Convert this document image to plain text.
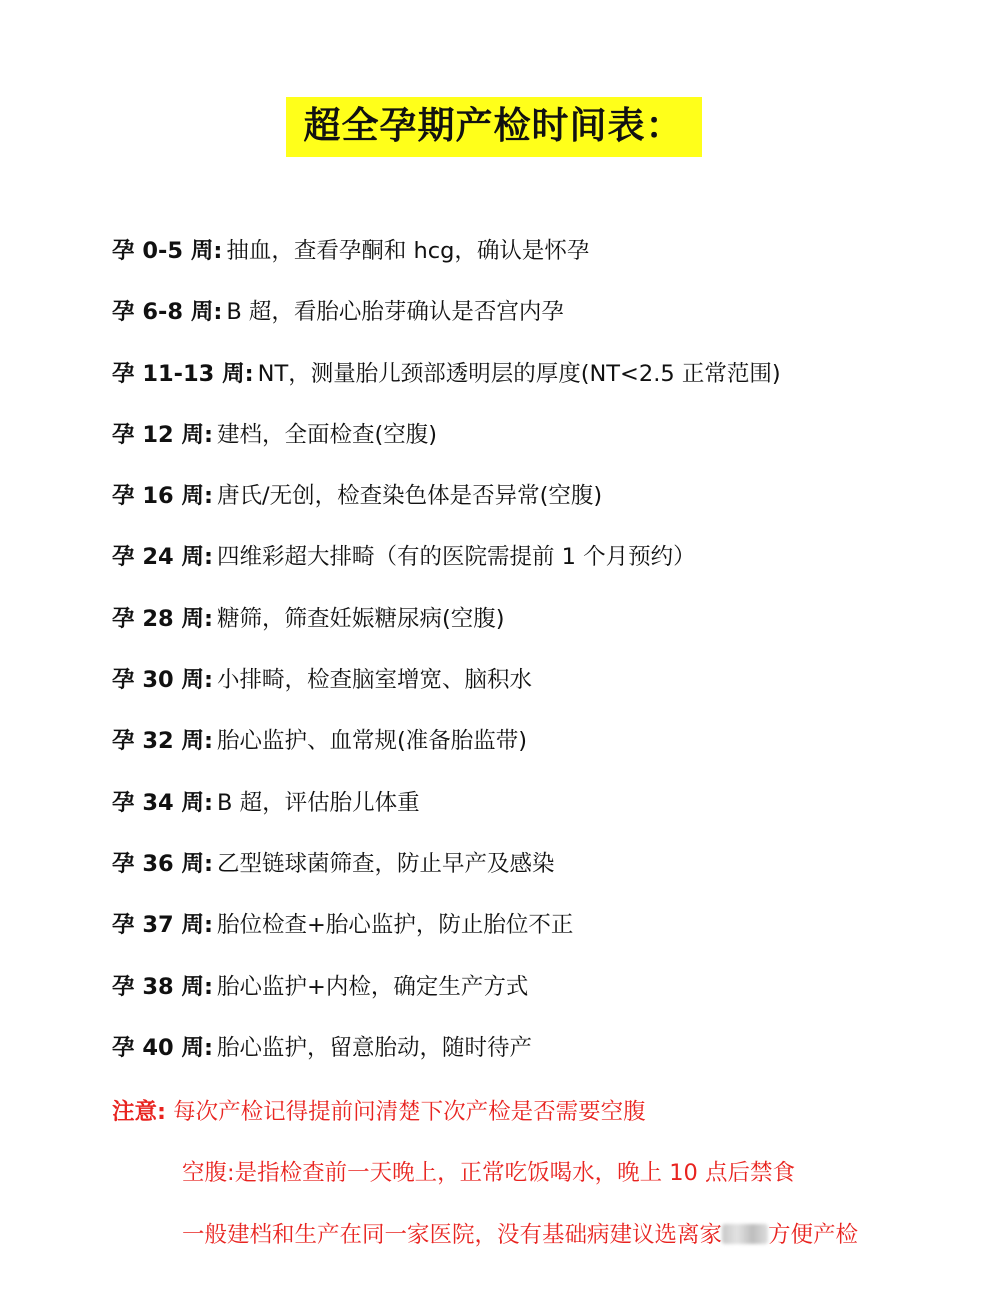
超全孕期产检时间表：
孕 0-5 周: 抽血，查看孕酮和 hcg，确认是怀孕
孕 6-8 周: B 超，看胎心胎芽确认是否宫内孕
孕 11-13 周: NT，测量胎儿颈部透明层的厚度(NT<2.5 正常范围)
孕 12 周: 建档，全面检查(空腹)
孕 16 周: 唐氏/无创，检查染色体是否异常(空腹)
孕 24 周: 四维彩超大排畸（有的医院需提前 1 个月预约）
孕 28 周: 糖筛，筛查妊娠糖尿病(空腹)
孕 30 周: 小排畸，检查脑室增宽、脑积水
孕 32 周: 胎心监护、血常规(准备胎监带)
孕 34 周: B 超，评估胎儿体重
孕 36 周: 乙型链球菌筛查，防止早产及感染
孕 37 周: 胎位检查+胎心监护，防止胎位不正
孕 38 周: 胎心监护+内检，确定生产方式
孕 40 周: 胎心监护，留意胎动，随时待产
注意: 每次产检记得提前问清楚下次产检是否需要空腹
空腹:是指检查前一天晚上，正常吃饭喝水，晚上 10 点后禁食
一般建档和生产在同一家医院，没有基础病建议选离家 方便产检
